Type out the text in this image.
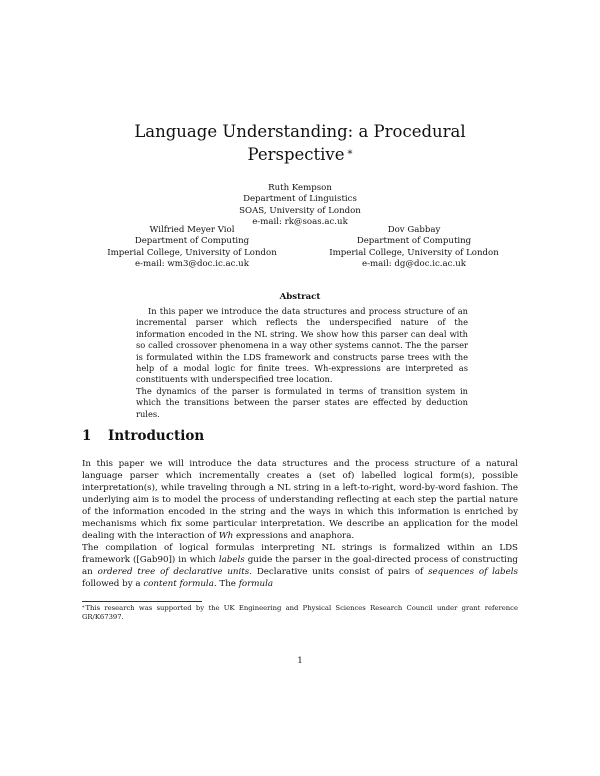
Language Understanding: a Procedural
Perspective *
Ruth Kempson
Department of Linguistics
SOAS, University of London
e-mail: rk@soas.ac.uk
Wilfried Meyer Viol
Department of Computing
Imperial College, University of London
e-mail: wm3@doc.ic.ac.uk
Dov Gabbay
Department of Computing
Imperial College, University of London
e-mail: dg@doc.ic.ac.uk
Abstract

In this paper we introduce the data structures and process structure of an incremental parser which reflects the underspecified nature of the information encoded in the NL string. We show how this parser can deal with so called crossover phenomena in a way other systems cannot. The the parser is formulated within the LDS framework and constructs parse trees with the help of a modal logic for finite trees. Wh-expressions are interpreted as constituents with underspecified tree location.

The dynamics of the parser is formulated in terms of transition system in which the transitions between the parser states are effected by deduction rules.

1 Introduction

In this paper we will introduce the data structures and the process structure of a natural language parser which incrementally creates a (set of) labelled logical form(s), possible interpretation(s), while traveling through a NL string in a left-to-right, word-by-word fashion. The underlying aim is to model the process of understanding reflecting at each step the partial nature of the information encoded in the string and the ways in which this information is enriched by mechanisms which fix some particular interpretation. We describe an application for the model dealing with the interaction of Wh expressions and anaphora.

The compilation of logical formulas interpreting NL strings is formalized within an LDS framework ([Gab90]) in which labels guide the parser in the goal-directed process of constructing an ordered tree of declarative units. Declarative units consist of pairs of sequences of labels followed by a content formula. The formula

*This research was supported by the UK Engineering and Physical Sciences Research Council under grant reference GR/K67397.
1
